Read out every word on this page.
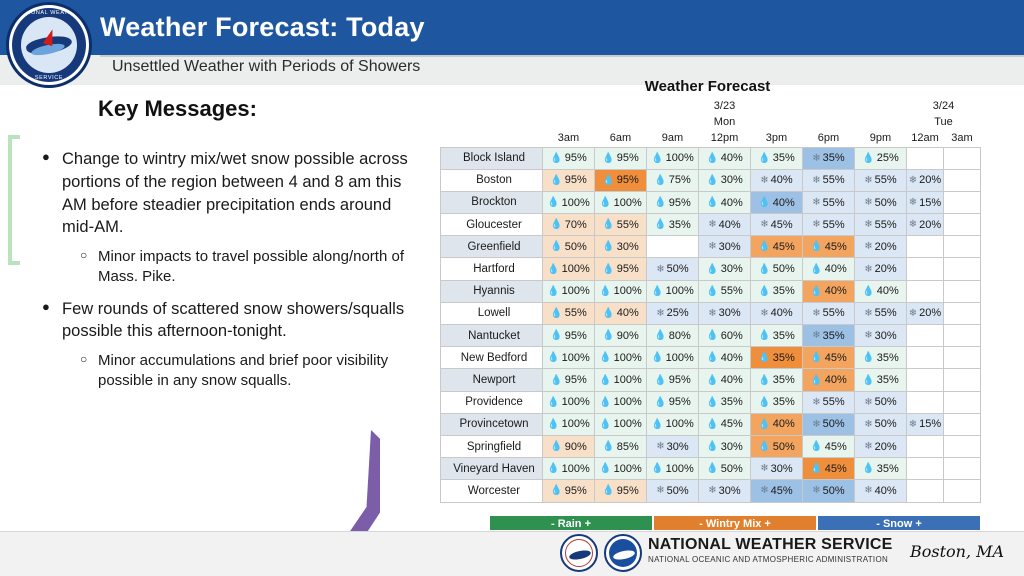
Weather Forecast: Today
Unsettled Weather with Periods of Showers
NATIONAL WEATHER
SERVICE
Key Messages:
● Change to wintry mix/wet snow possible across portions of the region between 4 and 8 am this AM before steadier precipitation ends around mid-AM.
○ Minor impacts to travel possible along/north of Mass. Pike.
● Few rounds of scattered snow showers/squalls possible this afternoon-tonight.
○ Minor accumulations and brief poor visibility possible in any snow squalls.
Weather Forecast
	3/23							3/24	
	Mon							Tue	
	3am	6am	9am	12pm	3pm	6pm	9pm	12am	3am
Block Island	💧 95%	💧 95%	💧 100%	💧 40%	💧 35%	❄ 35%	💧 25%		
Boston	💧 95%	💧 95%	💧 75%	💧 30%	❄ 40%	❄ 55%	❄ 55%	❄ 20%	
Brockton	💧 100%	💧 100%	💧 95%	💧 40%	💧 40%	❄ 55%	❄ 50%	❄ 15%	
Gloucester	💧 70%	💧 55%	💧 35%	❄ 40%	❄ 45%	❄ 55%	❄ 55%	❄ 20%	
Greenfield	💧 50%	💧 30%		❄ 30%	💧 45%	💧 45%	❄ 20%		
Hartford	💧 100%	💧 95%	❄ 50%	💧 30%	💧 50%	💧 40%	❄ 20%		
Hyannis	💧 100%	💧 100%	💧 100%	💧 55%	💧 35%	💧 40%	💧 40%		
Lowell	💧 55%	💧 40%	❄ 25%	❄ 30%	❄ 40%	❄ 55%	❄ 55%	❄ 20%	
Nantucket	💧 95%	💧 90%	💧 80%	💧 60%	💧 35%	❄ 35%	❄ 30%		
New Bedford	💧 100%	💧 100%	💧 100%	💧 40%	💧 35%	💧 45%	💧 35%		
Newport	💧 95%	💧 100%	💧 95%	💧 40%	💧 35%	💧 40%	💧 35%		
Providence	💧 100%	💧 100%	💧 95%	💧 35%	💧 35%	❄ 55%	❄ 50%		
Provincetown	💧 100%	💧 100%	💧 100%	💧 45%	💧 40%	❄ 50%	❄ 50%	❄ 15%	
Springfield	💧 90%	💧 85%	❄ 30%	💧 30%	💧 50%	💧 45%	❄ 20%		
Vineyard Haven	💧 100%	💧 100%	💧 100%	💧 50%	❄ 30%	💧 45%	💧 35%		
Worcester	💧 95%	💧 95%	❄ 50%	❄ 30%	❄ 45%	❄ 50%	❄ 40%		
- Rain +	- Wintry Mix +	- Snow +
NATIONAL WEATHER SERVICE
NATIONAL OCEANIC AND ATMOSPHERIC ADMINISTRATION Boston, MA
